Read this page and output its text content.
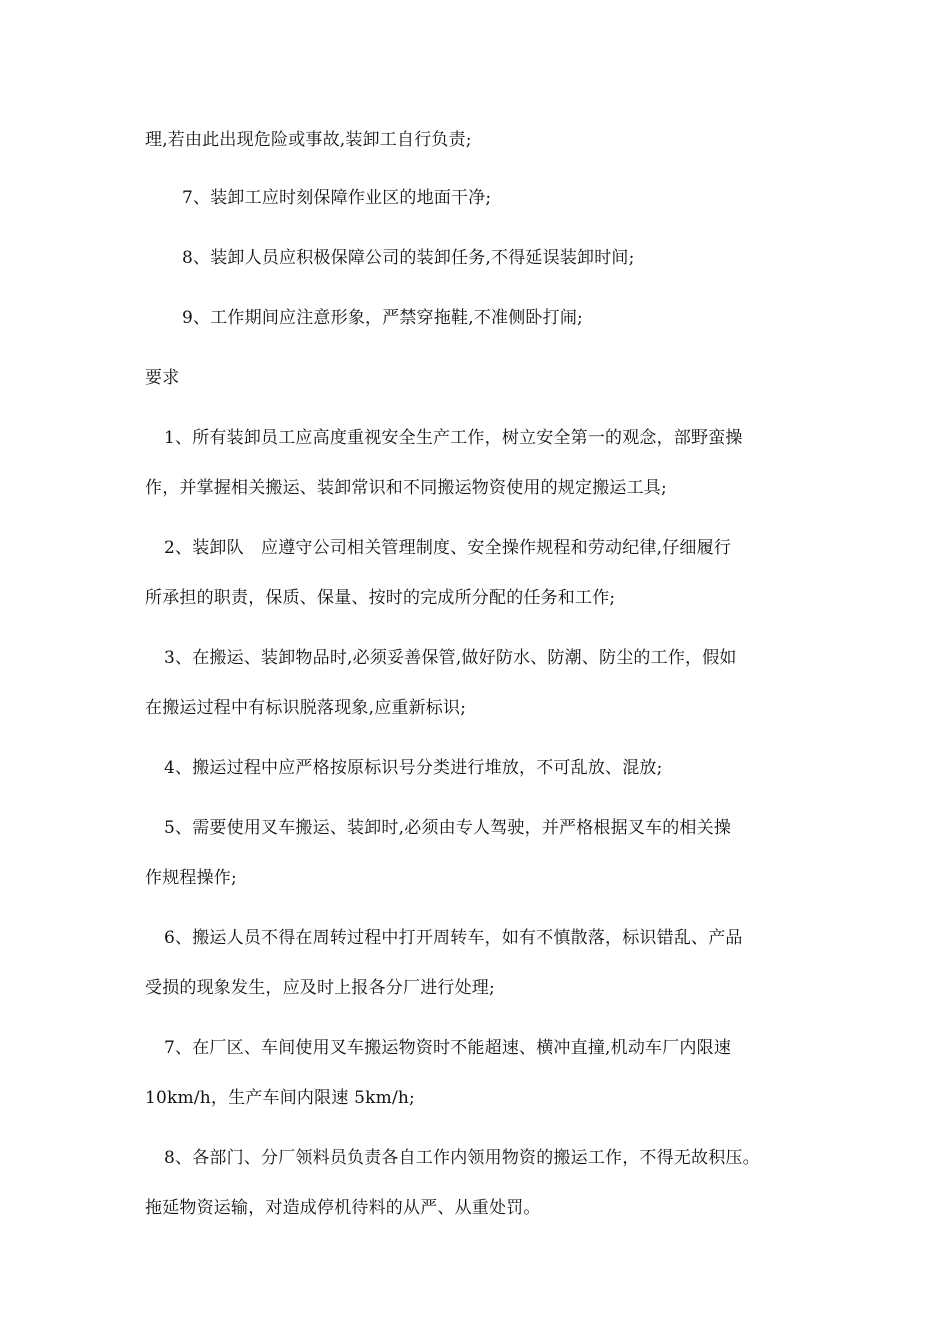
理,若由此出现危险或事故,装卸工自行负责;
7、装卸工应时刻保障作业区的地面干净;
8、装卸人员应积极保障公司的装卸任务,不得延误装卸时间;
9、工作期间应注意形象，严禁穿拖鞋,不准侧卧打闹;
要求
1、所有装卸员工应高度重视安全生产工作，树立安全第一的观念，部野蛮操
作，并掌握相关搬运、装卸常识和不同搬运物资使用的规定搬运工具;
2、装卸队　应遵守公司相关管理制度、安全操作规程和劳动纪律,仔细履行
所承担的职责，保质、保量、按时的完成所分配的任务和工作;
3、在搬运、装卸物品时,必须妥善保管,做好防水、防潮、防尘的工作，假如
在搬运过程中有标识脱落现象,应重新标识;
4、搬运过程中应严格按原标识号分类进行堆放，不可乱放、混放;
5、需要使用叉车搬运、装卸时,必须由专人驾驶，并严格根据叉车的相关操
作规程操作;
6、搬运人员不得在周转过程中打开周转车，如有不慎散落，标识错乱、产品
受损的现象发生，应及时上报各分厂进行处理;
7、在厂区、车间使用叉车搬运物资时不能超速、横冲直撞,机动车厂内限速
10km/h，生产车间内限速 5km/h;
8、各部门、分厂领料员负责各自工作内领用物资的搬运工作，不得无故积压。
拖延物资运输，对造成停机待料的从严、从重处罚。
